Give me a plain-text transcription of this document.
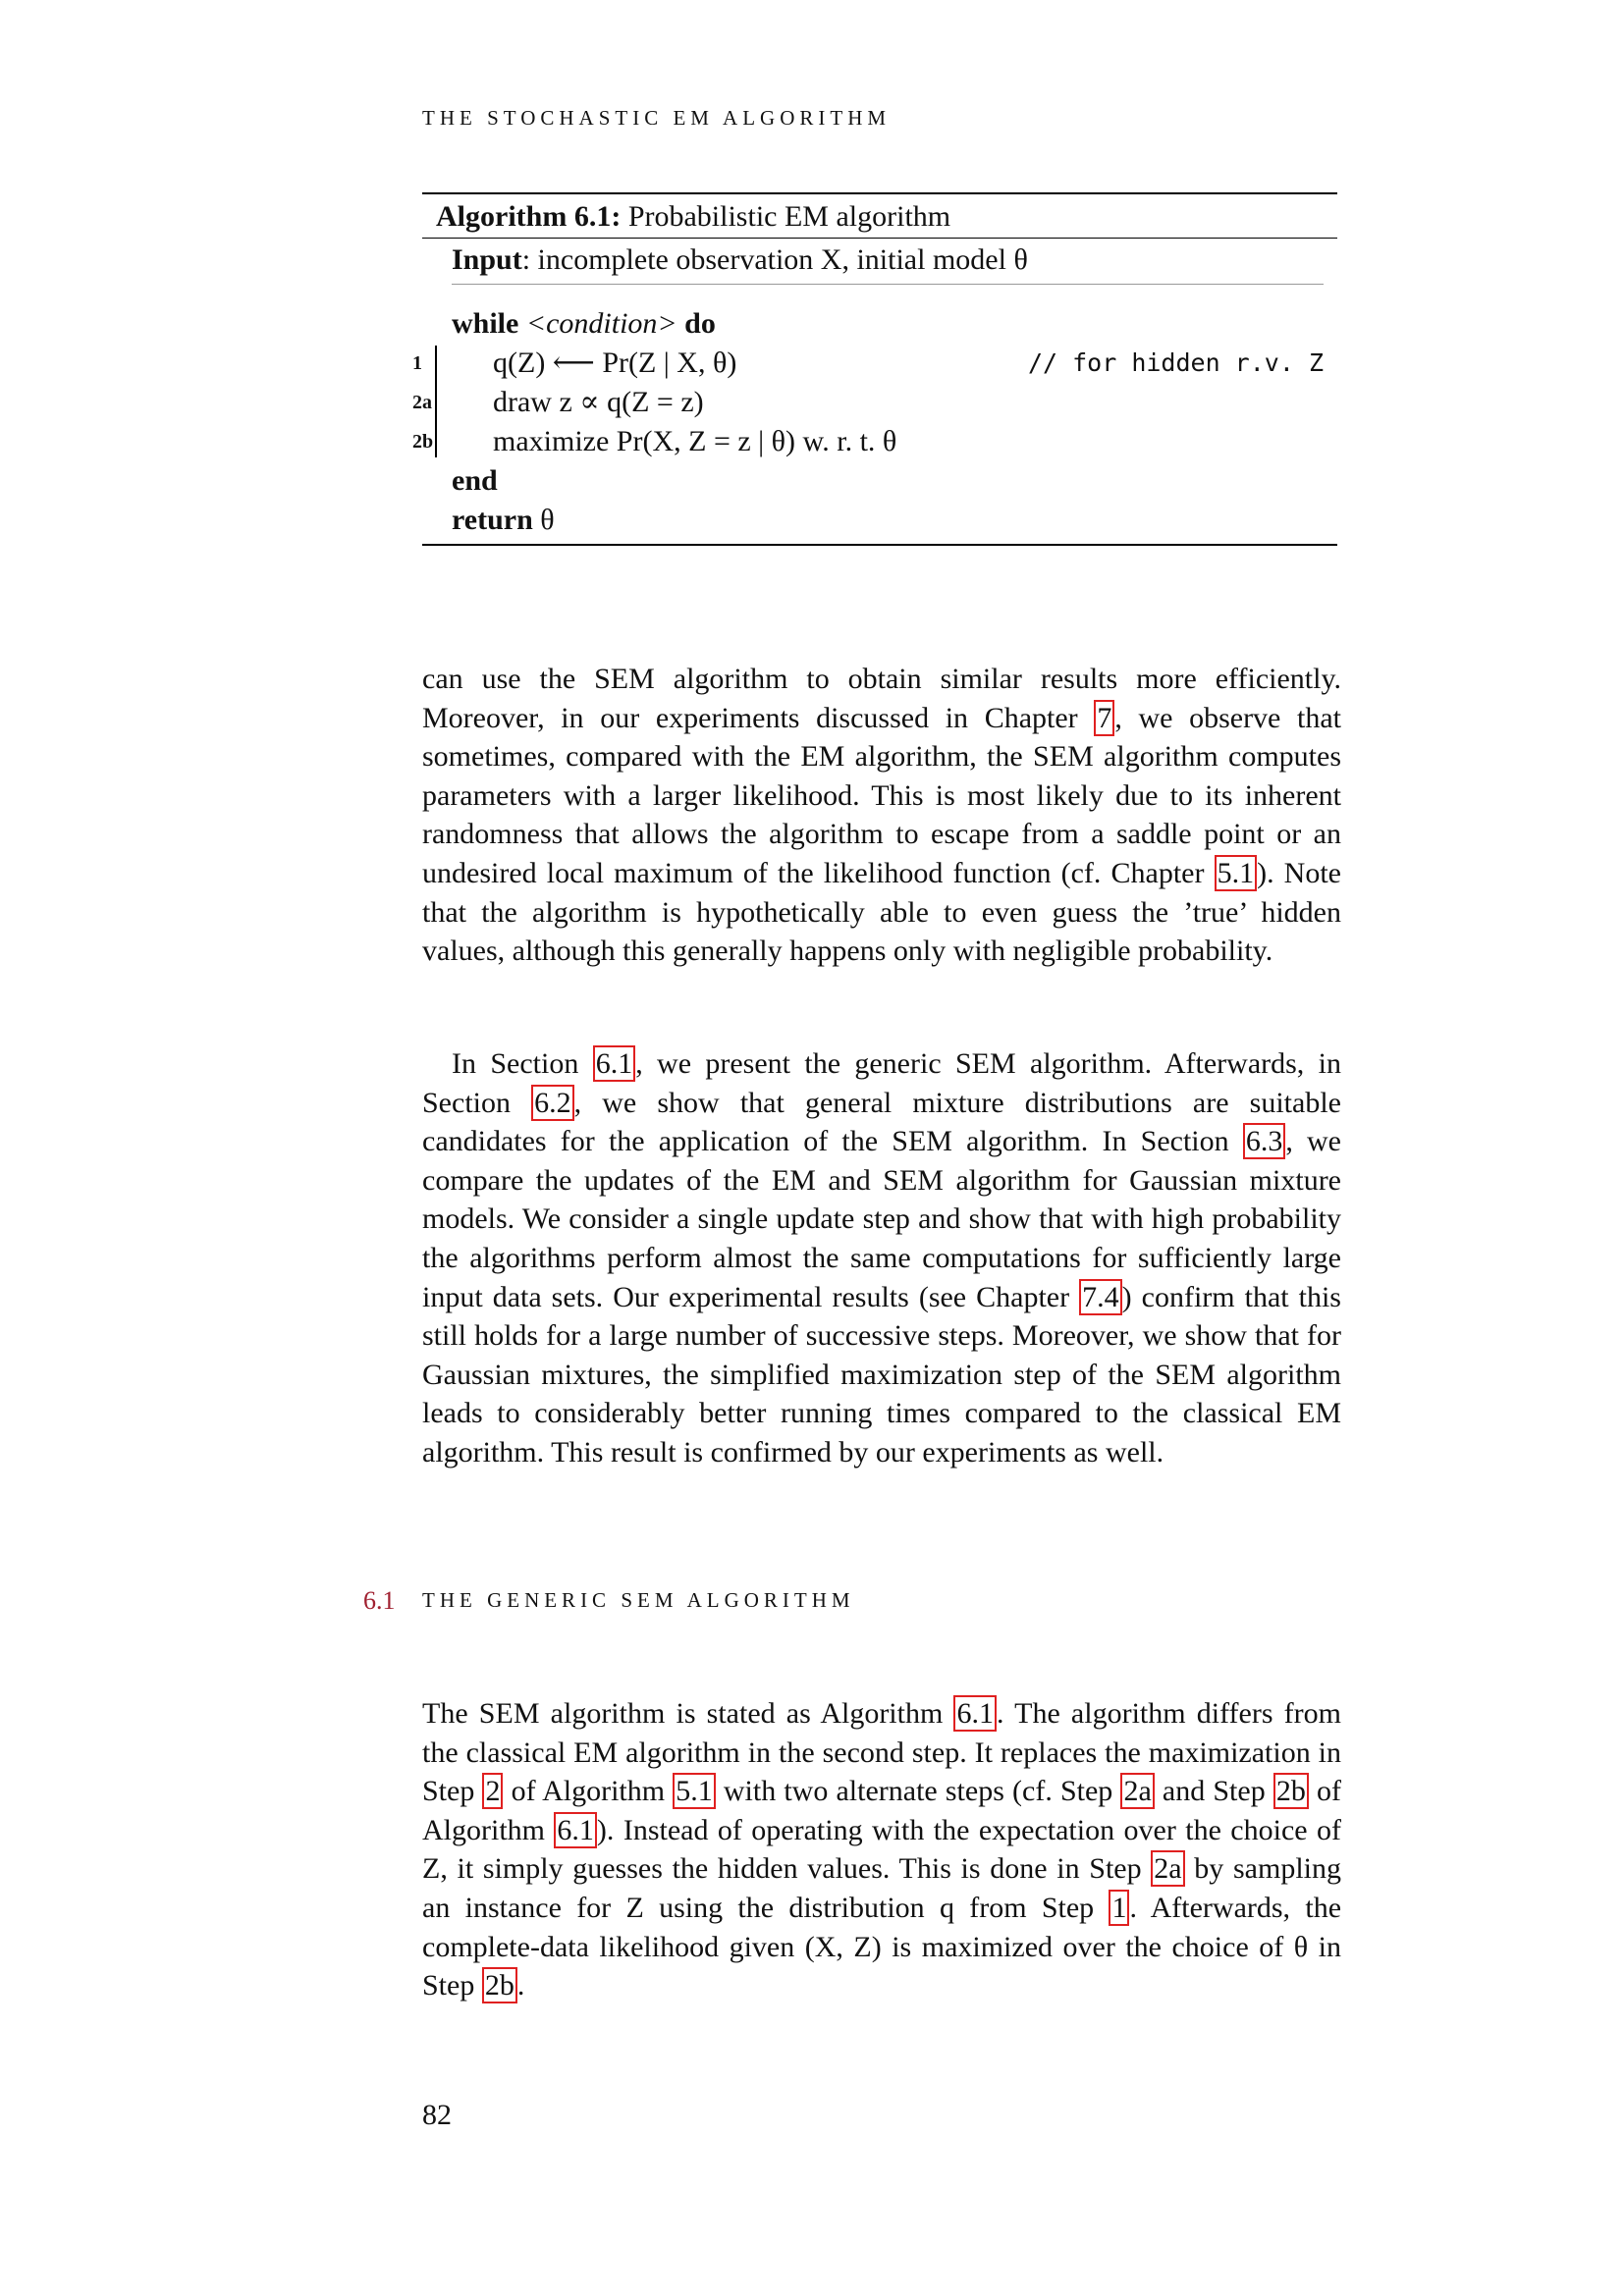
THE STOCHASTIC EM ALGORITHM
Algorithm 6.1: Probabilistic EM algorithm
Input: incomplete observation X, initial model θ
while <condition> do
1	q(Z) ⟵ Pr(Z | X, θ)	// for hidden r.v. Z
2a	draw z ∝ q(Z = z)
2b	maximize Pr(X, Z = z | θ) w. r. t. θ
end
return θ

can use the SEM algorithm to obtain similar results more efficiently. Moreover, in our experiments discussed in Chapter 7 , we observe that sometimes, compared with the EM algorithm, the SEM algorithm computes parameters with a larger likelihood. This is most likely due to its inherent randomness that allows the algorithm to escape from a saddle point or an undesired local maximum of the likelihood function (cf. Chapter 5.1 ). Note that the algorithm is hypothetically able to even guess the ’true’ hidden values, although this generally happens only with negligible probability.

In Section 6.1 , we present the generic SEM algorithm. Afterwards, in Section 6.2 , we show that general mixture distributions are suitable candidates for the application of the SEM algorithm. In Section 6.3 , we compare the updates of the EM and SEM algorithm for Gaussian mixture models. We consider a single update step and show that with high probability the algorithms perform almost the same computations for sufficiently large input data sets. Our experimental results (see Chapter 7.4 ) confirm that this still holds for a large number of successive steps. Moreover, we show that for Gaussian mixtures, the simplified maximization step of the SEM algorithm leads to considerably better running times compared to the classical EM algorithm. This result is confirmed by our experiments as well.

6.1 THE GENERIC SEM ALGORITHM

The SEM algorithm is stated as Algorithm 6.1 . The algorithm differs from the classical EM algorithm in the second step. It replaces the maximization in Step 2 of Algorithm 5.1 with two alternate steps (cf. Step 2a and Step 2b of Algorithm 6.1 ). Instead of operating with the expectation over the choice of Z, it simply guesses the hidden values. This is done in Step 2a by sampling an instance for Z using the distribution q from Step 1 . Afterwards, the complete-data likelihood given (X, Z) is maximized over the choice of θ in Step 2b .

82
